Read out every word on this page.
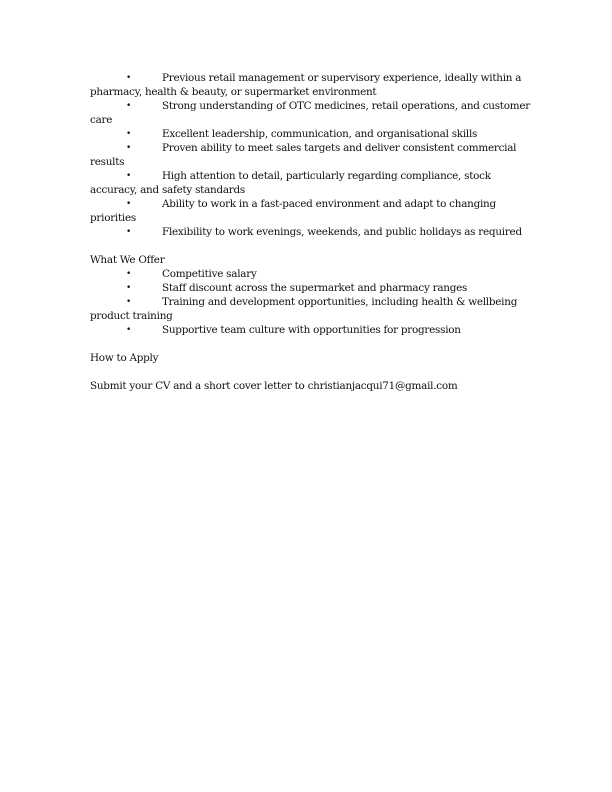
•	Previous retail management or supervisory experience, ideally within a pharmacy, health & beauty, or supermarket environment
•	Strong understanding of OTC medicines, retail operations, and customer care
•	Excellent leadership, communication, and organisational skills
•	Proven ability to meet sales targets and deliver consistent commercial results
•	High attention to detail, particularly regarding compliance, stock accuracy, and safety standards
•	Ability to work in a fast-paced environment and adapt to changing priorities
•	Flexibility to work evenings, weekends, and public holidays as required
What We Offer
•	Competitive salary
•	Staff discount across the supermarket and pharmacy ranges
•	Training and development opportunities, including health & wellbeing product training
•	Supportive team culture with opportunities for progression
How to Apply

Submit your CV and a short cover letter to christianjacqui71@gmail.com
